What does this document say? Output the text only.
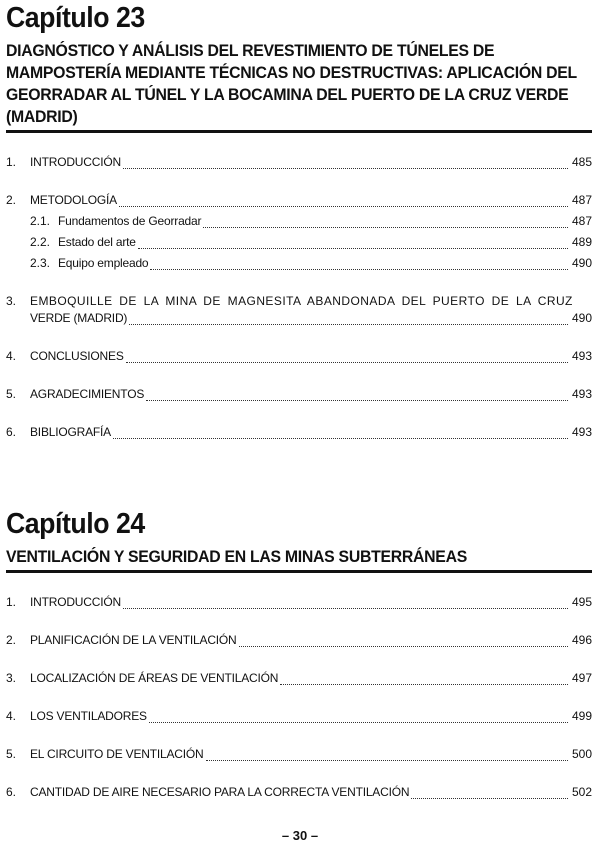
Capítulo 23
DIAGNÓSTICO Y ANÁLISIS DEL REVESTIMIENTO DE TÚNELES DE MAMPOSTERÍA MEDIANTE TÉCNICAS NO DESTRUCTIVAS: APLICACIÓN DEL GEORRADAR AL TÚNEL Y LA BOCAMINA DEL PUERTO DE LA CRUZ VERDE (MADRID)
1.	INTRODUCCIÓN	485
2.	METODOLOGÍA	487
2.1. Fundamentos de Georradar	487
2.2. Estado del arte	489
2.3. Equipo empleado	490
3.	EMBOQUILLE DE LA MINA DE MAGNESITA ABANDONADA DEL PUERTO DE LA CRUZ
VERDE (MADRID)	490
4.	CONCLUSIONES	493
5.	AGRADECIMIENTOS	493
6.	BIBLIOGRAFÍA	493
Capítulo 24
VENTILACIÓN Y SEGURIDAD EN LAS MINAS SUBTERRÁNEAS
1.	INTRODUCCIÓN	495
2.	PLANIFICACIÓN DE LA VENTILACIÓN	496
3.	LOCALIZACIÓN DE ÁREAS DE VENTILACIÓN	497
4.	LOS VENTILADORES	499
5.	EL CIRCUITO DE VENTILACIÓN	500
6.	CANTIDAD DE AIRE NECESARIO PARA LA CORRECTA VENTILACIÓN	502
– 30 –
